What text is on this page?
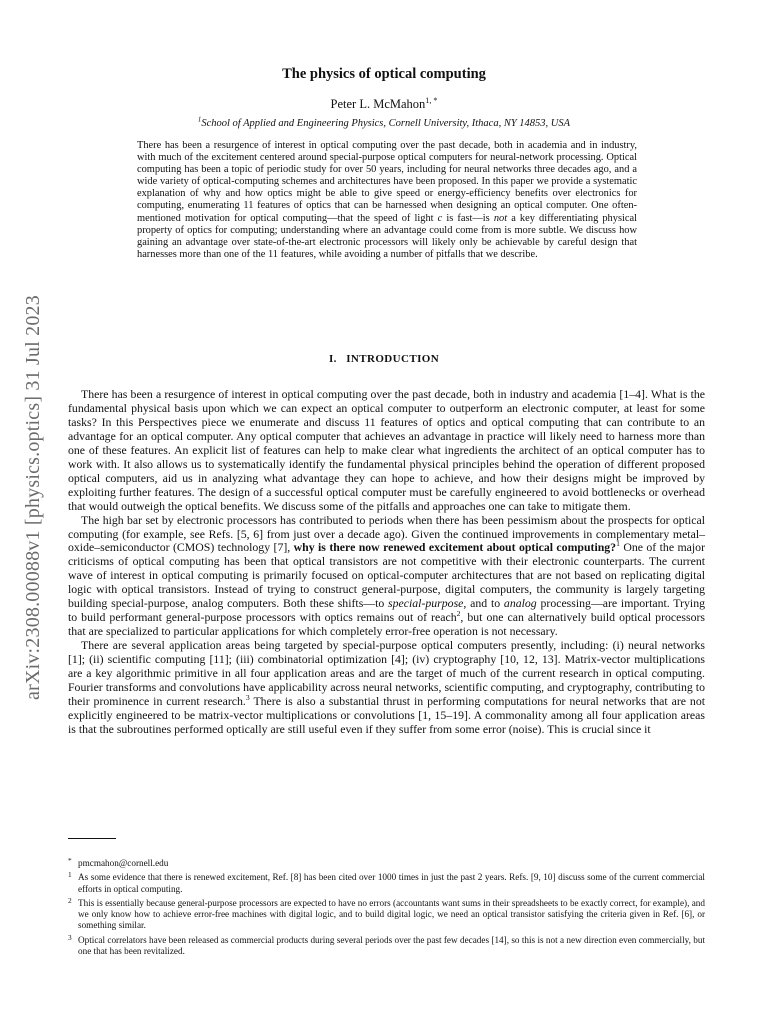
arXiv:2308.00088v1 [physics.optics] 31 Jul 2023
The physics of optical computing
Peter L. McMahon$^{1, *}$
$^1$School of Applied and Engineering Physics, Cornell University, Ithaca, NY 14853, USA
There has been a resurgence of interest in optical computing over the past decade, both in academia and in industry, with much of the excitement centered around special-purpose optical computers for neural-network processing. Optical computing has been a topic of periodic study for over 50 years, including for neural networks three decades ago, and a wide variety of optical-computing schemes and architectures have been proposed. In this paper we provide a systematic explanation of why and how optics might be able to give speed or energy-efficiency benefits over electronics for computing, enumerating 11 features of optics that can be harnessed when designing an optical computer. One often-mentioned motivation for optical computing—that the speed of light c is fast—is not a key differentiating physical property of optics for computing; understanding where an advantage could come from is more subtle. We discuss how gaining an advantage over state-of-the-art electronic processors will likely only be achievable by careful design that harnesses more than one of the 11 features, while avoiding a number of pitfalls that we describe.
I. INTRODUCTION

There has been a resurgence of interest in optical computing over the past decade, both in industry and academia [1–4]. What is the fundamental physical basis upon which we can expect an optical computer to outperform an electronic computer, at least for some tasks? In this Perspectives piece we enumerate and discuss 11 features of optics and optical computing that can contribute to an advantage for an optical computer. Any optical computer that achieves an advantage in practice will likely need to harness more than one of these features. An explicit list of features can help to make clear what ingredients the architect of an optical computer has to work with. It also allows us to systematically identify the fundamental physical principles behind the operation of different proposed optical computers, aid us in analyzing what advantage they can hope to achieve, and how their designs might be improved by exploiting further features. The design of a successful optical computer must be carefully engineered to avoid bottlenecks or overhead that would outweigh the optical benefits. We discuss some of the pitfalls and approaches one can take to mitigate them.

The high bar set by electronic processors has contributed to periods when there has been pessimism about the prospects for optical computing (for example, see Refs. [5, 6] from just over a decade ago). Given the continued improvements in complementary metal–oxide–semiconductor (CMOS) technology [7], why is there now renewed excitement about optical computing?$^1$ One of the major criticisms of optical computing has been that optical transistors are not competitive with their electronic counterparts. The current wave of interest in optical computing is primarily focused on optical-computer architectures that are not based on replicating digital logic with optical transistors. Instead of trying to construct general-purpose, digital computers, the community is largely targeting building special-purpose, analog computers. Both these shifts—to special-purpose, and to analog processing—are important. Trying to build performant general-purpose processors with optics remains out of reach$^2$, but one can alternatively build optical processors that are specialized to particular applications for which completely error-free operation is not necessary.

There are several application areas being targeted by special-purpose optical computers presently, including: (i) neural networks [1]; (ii) scientific computing [11]; (iii) combinatorial optimization [4]; (iv) cryptography [10, 12, 13]. Matrix-vector multiplications are a key algorithmic primitive in all four application areas and are the target of much of the current research in optical computing. Fourier transforms and convolutions have applicability across neural networks, scientific computing, and cryptography, contributing to their prominence in current research.$^3$ There is also a substantial thrust in performing computations for neural networks that are not explicitly engineered to be matrix-vector multiplications or convolutions [1, 15–19]. A commonality among all four application areas is that the subroutines performed optically are still useful even if they suffer from some error (noise). This is crucial since it

* pmcmahon@cornell.edu

1 As some evidence that there is renewed excitement, Ref. [8] has been cited over 1000 times in just the past 2 years. Refs. [9, 10] discuss some of the current commercial efforts in optical computing.

2 This is essentially because general-purpose processors are expected to have no errors (accountants want sums in their spreadsheets to be exactly correct, for example), and we only know how to achieve error-free machines with digital logic, and to build digital logic, we need an optical transistor satisfying the criteria given in Ref. [6], or something similar.

3 Optical correlators have been released as commercial products during several periods over the past few decades [14], so this is not a new direction even commercially, but one that has been revitalized.
